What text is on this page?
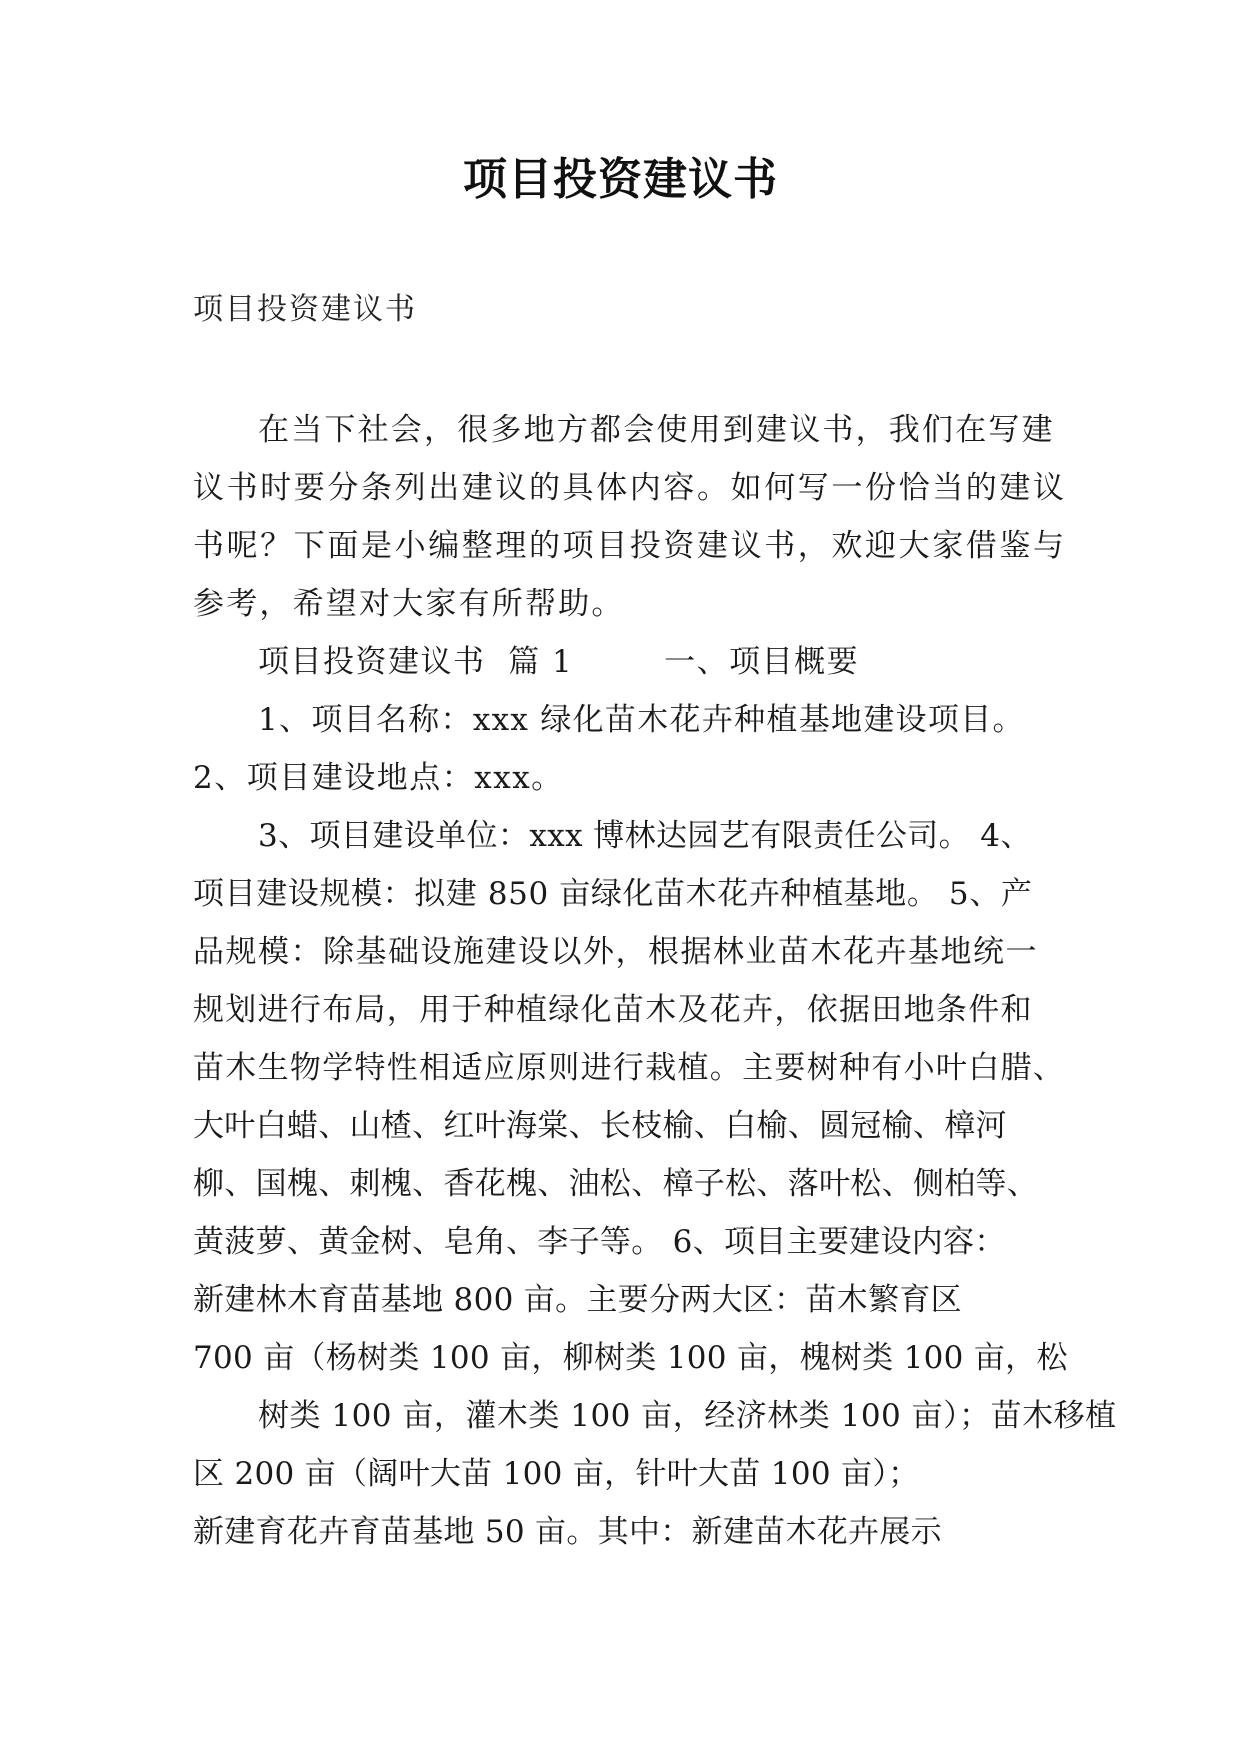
项目投资建议书
项目投资建议书
在当下社会，很多地方都会使用到建议书，我们在写建
议书时要分条列出建议的具体内容。如何写一份恰当的建议
书呢？下面是小编整理的项目投资建议书，欢迎大家借鉴与
参考，希望对大家有所帮助。
项目投资建议书  篇 1        一、项目概要
1、项目名称：xxx 绿化苗木花卉种植基地建设项目。
2、项目建设地点：xxx。
3、项目建设单位：xxx 博林达园艺有限责任公司。 4、
项目建设规模：拟建 850 亩绿化苗木花卉种植基地。 5、产
品规模：除基础设施建设以外，根据林业苗木花卉基地统一
规划进行布局，用于种植绿化苗木及花卉，依据田地条件和
苗木生物学特性相适应原则进行栽植。主要树种有小叶白腊、
大叶白蜡、山楂、红叶海棠、长枝榆、白榆、圆冠榆、樟河
柳、国槐、刺槐、香花槐、油松、樟子松、落叶松、侧柏等、
黄菠萝、黄金树、皂角、李子等。 6、项目主要建设内容：
新建林木育苗基地 800 亩。主要分两大区：苗木繁育区
700 亩（杨树类 100 亩，柳树类 100 亩，槐树类 100 亩，松
树类 100 亩，灌木类 100 亩，经济林类 100 亩）；苗木移植
区 200 亩（阔叶大苗 100 亩，针叶大苗 100 亩）；
新建育花卉育苗基地 50 亩。其中：新建苗木花卉展示
